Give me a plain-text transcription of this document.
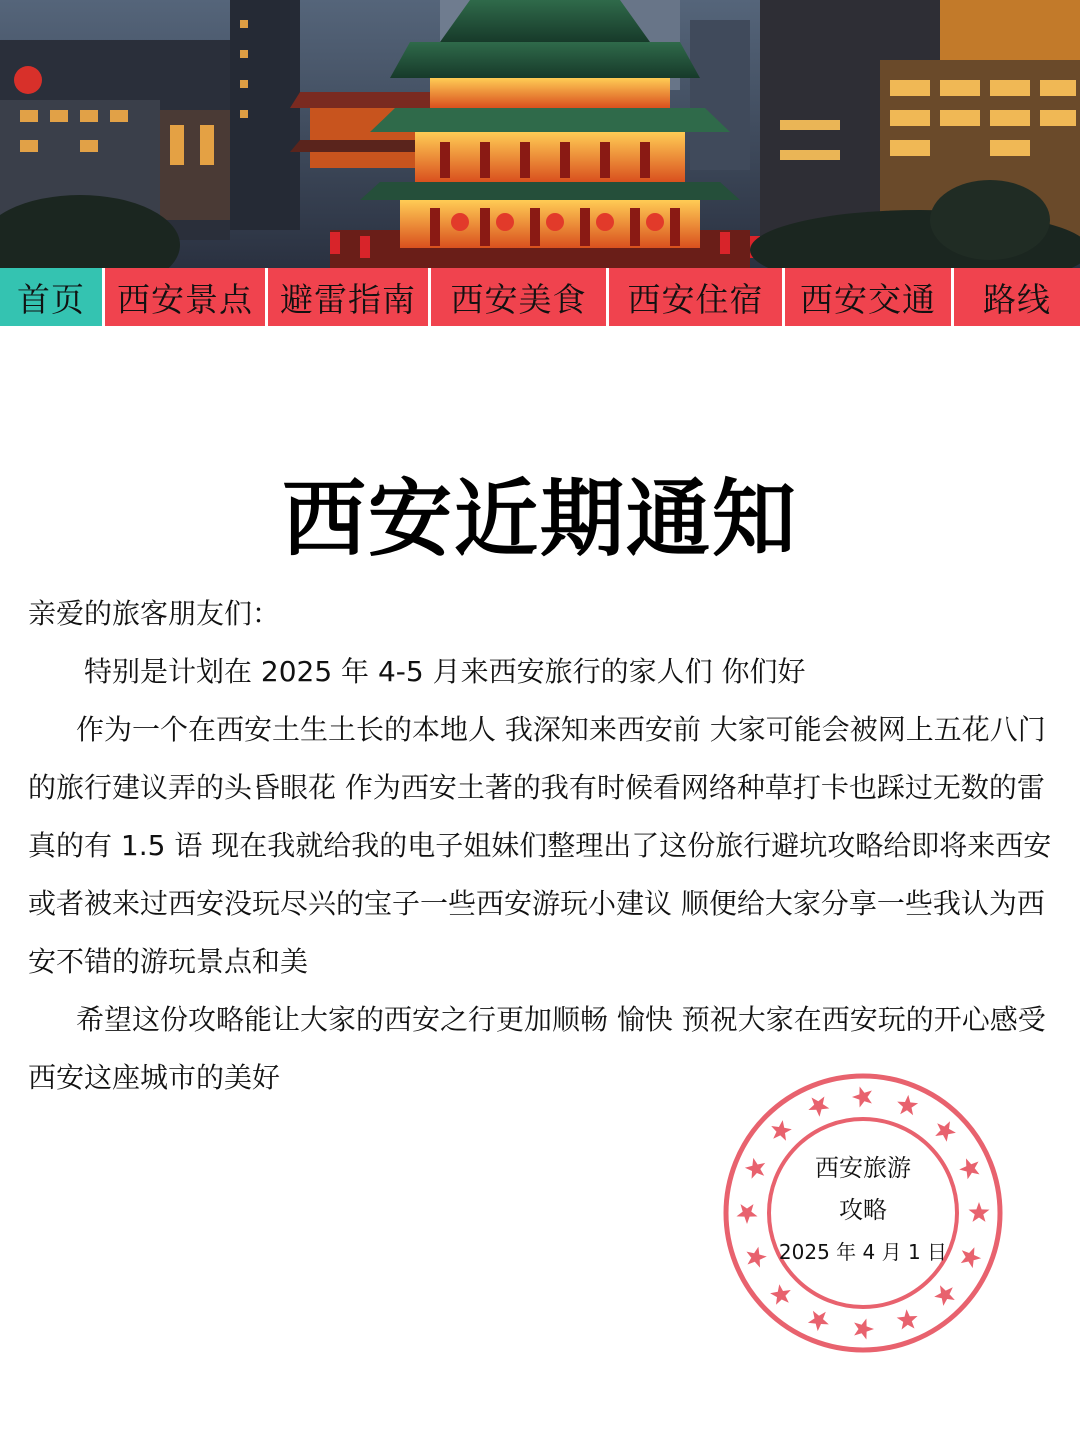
首页 西安景点 避雷指南	西安美食	西安住宿	西安交通	路线
西安近期通知

亲爱的旅客朋友们：

特别是计划在 2025 年 4-5 月来西安旅行的家人们 你们好

作为一个在西安土生土长的本地人 我深知来西安前 大家可能会被网上五花八门的旅行建议弄的头昏眼花 作为西安土著的我有时候看网络种草打卡也踩过无数的雷 真的有 1.5 语 现在我就给我的电子姐妹们整理出了这份旅行避坑攻略给即将来西安或者被来过西安没玩尽兴的宝子一些西安游玩小建议 顺便给大家分享一些我认为西安不错的游玩景点和美

希望这份攻略能让大家的西安之行更加顺畅 愉快 预祝大家在西安玩的开心感受西安这座城市的美好

西安旅游
攻略
2025 年 4 月 1 日
